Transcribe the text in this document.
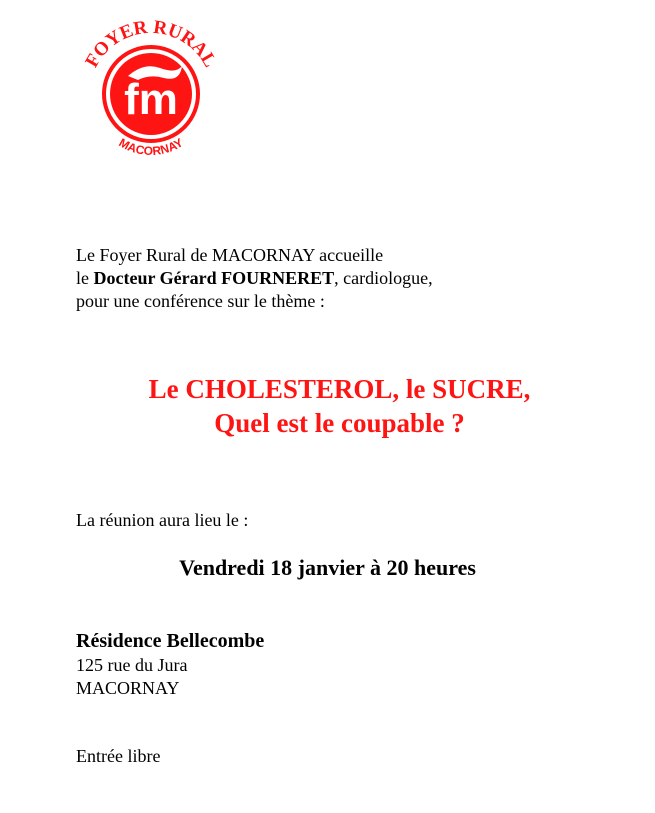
FOYER RURAL
MACORNAY
fm
Le Foyer Rural de MACORNAY accueille
le Docteur Gérard FOURNERET, cardiologue,
pour une conférence sur le thème :
Le CHOLESTEROL, le SUCRE,
Quel est le coupable ?
La réunion aura lieu le :
Vendredi 18 janvier à 20 heures
Résidence Bellecombe
125 rue du Jura
MACORNAY
Entrée libre
